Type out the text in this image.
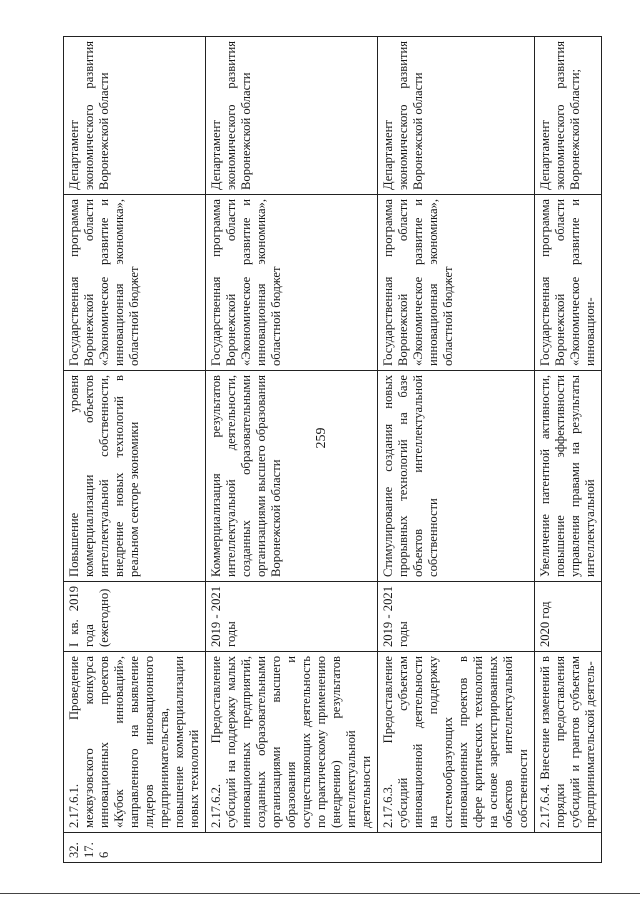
259
32.17.6	2.17.6.1. Проведение межвузовского конкурса инновационных проектов «Кубок инноваций», направленного на выявление лидеров инновационного предпринимательства, повышение коммерциализации новых технологий	I кв. 2019 года (ежегодно)	Повышение уровня коммерциализации объектов интеллектуальной собственности, внедрение новых технологий в реальном секторе экономики	Государственная программа Воронежской области «Экономическое развитие и инновационная экономика», областной бюджет	Департамент экономического развития Воронежской области
	2.17.6.2. Предоставление субсидий на поддержку малых инновационных предприятий, созданных образовательными организациями высшего образования и осуществляющих деятельность по практическому применению (внедрению) результатов интеллектуальной деятельности	2019 - 2021 годы	Коммерциализация результатов интеллектуальной деятельности, созданных образовательными организациями высшего образования Воронежской области	Государственная программа Воронежской области «Экономическое развитие и инновационная экономика», областной бюджет	Департамент экономического развития Воронежской области
	2.17.6.3. Предоставление субсидий субъектам инновационной деятельности на поддержку системообразующих инновационных проектов в сфере критических технологий на основе зарегистрированных объектов интеллектуальной собственности	2019 - 2021 годы	Стимулирование создания новых прорывных технологий на базе объектов интеллектуальной собственности	Государственная программа Воронежской области «Экономическое развитие и инновационная экономика», областной бюджет	Департамент экономического развития Воронежской области
	2.17.6.4. Внесение изменений в порядки предоставления субсидий и грантов субъектам предпринимательской деятель-	2020 год	Увеличение патентной активности, повышение эффективности управления правами на результаты интеллектуальной	Государственная программа Воронежской области «Экономическое развитие и инновацион-	Департамент экономического развития Воронежской области;
